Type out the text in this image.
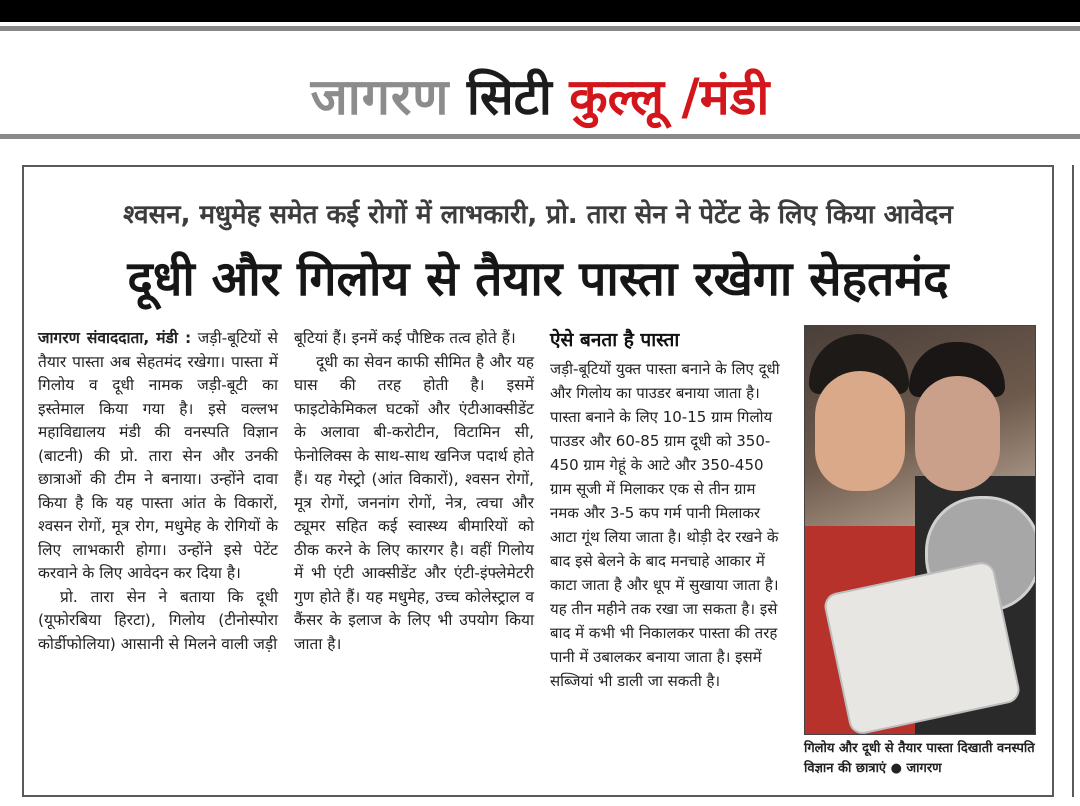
जागरण सिटी कुल्लू /मंडी
श्वसन, मधुमेह समेत कई रोगों में लाभकारी, प्रो. तारा सेन ने पेटेंट के लिए किया आवेदन
दूधी और गिलोय से तैयार पास्ता रखेगा सेहतमंद

जागरण संवाददाता, मंडी : जड़ी-बूटियों से तैयार पास्ता अब सेहतमंद रखेगा। पास्ता में गिलोय व दूधी नामक जड़ी-बूटी का इस्तेमाल किया गया है। इसे वल्लभ महाविद्यालय मंडी की वनस्पति विज्ञान (बाटनी) की प्रो. तारा सेन और उनकी छात्राओं की टीम ने बनाया। उन्होंने दावा किया है कि यह पास्ता आंत के विकारों, श्वसन रोगों, मूत्र रोग, मधुमेह के रोगियों के लिए लाभकारी होगा। उन्होंने इसे पेटेंट करवाने के लिए आवेदन कर दिया है।

प्रो. तारा सेन ने बताया कि दूधी (यूफोरबिया हिरटा), गिलोय (टीनोस्पोरा कोर्डीफोलिया) आसानी से मिलने वाली जड़ी

बूटियां हैं। इनमें कई पौष्टिक तत्व होते हैं।

दूधी का सेवन काफी सीमित है और यह घास की तरह होती है। इसमें फाइटोकेमिकल घटकों और एंटीआक्सीडेंट के अलावा बी-करोटीन, विटामिन सी, फेनोलिक्स के साथ-साथ खनिज पदार्थ होते हैं। यह गेस्ट्रो (आंत विकारों), श्वसन रोगों, मूत्र रोगों, जननांग रोगों, नेत्र, त्वचा और ट्यूमर सहित कई स्वास्थ्य बीमारियों को ठीक करने के लिए कारगर है। वहीं गिलोय में भी एंटी आक्सीडेंट और एंटी-इंफ्लेमेटरी गुण होते हैं। यह मधुमेह, उच्च कोलेस्ट्राल व कैंसर के इलाज के लिए भी उपयोग किया जाता है।

ऐसे बनता है पास्ता

जड़ी-बूटियों युक्त पास्ता बनाने के लिए दूधी और गिलोय का पाउडर बनाया जाता है। पास्ता बनाने के लिए 10-15 ग्राम गिलोय पाउडर और 60-85 ग्राम दूधी को 350-450 ग्राम गेहूं के आटे और 350-450 ग्राम सूजी में मिलाकर एक से तीन ग्राम नमक और 3-5 कप गर्म पानी मिलाकर आटा गूंथ लिया जाता है। थोड़ी देर रखने के बाद इसे बेलने के बाद मनचाहे आकार में काटा जाता है और धूप में सुखाया जाता है। यह तीन महीने तक रखा जा सकता है। इसे बाद में कभी भी निकालकर पास्ता की तरह पानी में उबालकर बनाया जाता है। इसमें सब्जियां भी डाली जा सकती है।

गिलोय और दूधी से तैयार पास्ता दिखाती वनस्पति विज्ञान की छात्राएं ● जागरण
